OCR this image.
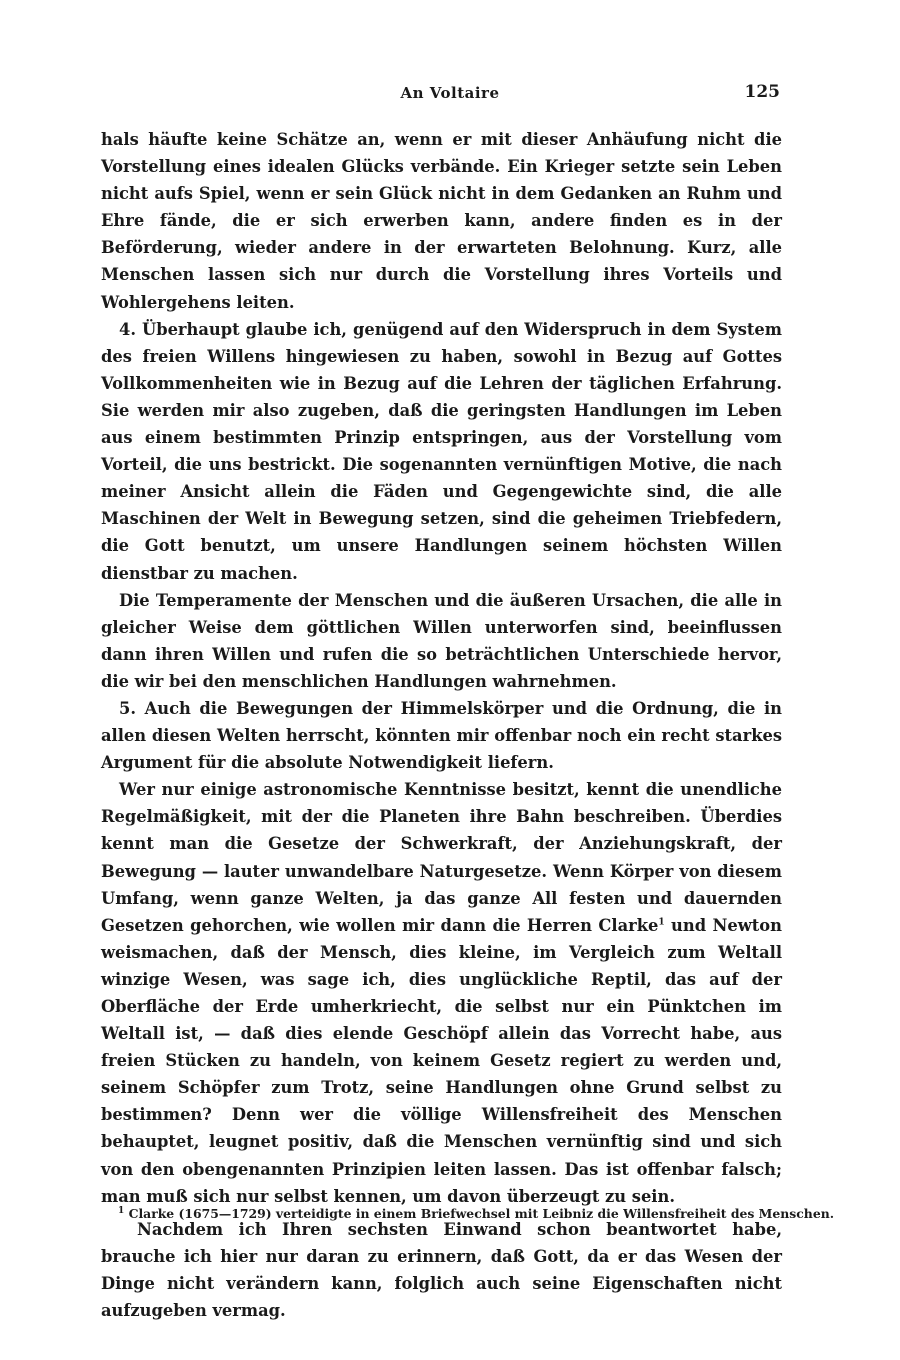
An Voltaire	125

hals häufte keine Schätze an, wenn er mit dieser Anhäufung nicht die Vorstellung eines idealen Glücks verbände. Ein Krieger setzte sein Leben nicht aufs Spiel, wenn er sein Glück nicht in dem Gedanken an Ruhm und Ehre fände, die er sich erwerben kann, andere finden es in der Beförderung, wieder andere in der erwarteten Belohnung. Kurz, alle Menschen lassen sich nur durch die Vorstellung ihres Vorteils und Wohlergehens leiten.

4. Überhaupt glaube ich, genügend auf den Widerspruch in dem System des freien Willens hingewiesen zu haben, sowohl in Bezug auf Gottes Vollkommenheiten wie in Bezug auf die Lehren der täglichen Erfahrung. Sie werden mir also zugeben, daß die geringsten Handlungen im Leben aus einem bestimmten Prinzip entspringen, aus der Vorstellung vom Vorteil, die uns bestrickt. Die sogenannten vernünftigen Motive, die nach meiner Ansicht allein die Fäden und Gegengewichte sind, die alle Maschinen der Welt in Bewegung setzen, sind die geheimen Triebfedern, die Gott benutzt, um unsere Handlungen seinem höchsten Willen dienstbar zu machen.

Die Temperamente der Menschen und die äußeren Ursachen, die alle in gleicher Weise dem göttlichen Willen unterworfen sind, beeinflussen dann ihren Willen und rufen die so beträchtlichen Unterschiede hervor, die wir bei den menschlichen Handlungen wahrnehmen.

5. Auch die Bewegungen der Himmelskörper und die Ordnung, die in allen diesen Welten herrscht, könnten mir offenbar noch ein recht starkes Argument für die absolute Notwendigkeit liefern.

Wer nur einige astronomische Kenntnisse besitzt, kennt die unendliche Regelmäßigkeit, mit der die Planeten ihre Bahn beschreiben. Überdies kennt man die Gesetze der Schwerkraft, der Anziehungskraft, der Bewegung — lauter unwandelbare Naturgesetze. Wenn Körper von diesem Umfang, wenn ganze Welten, ja das ganze All festen und dauernden Gesetzen gehorchen, wie wollen mir dann die Herren Clarke$^1$ und Newton weismachen, daß der Mensch, dies kleine, im Vergleich zum Weltall winzige Wesen, was sage ich, dies unglückliche Reptil, das auf der Oberfläche der Erde umherkriecht, die selbst nur ein Pünktchen im Weltall ist, — daß dies elende Geschöpf allein das Vorrecht habe, aus freien Stücken zu handeln, von keinem Gesetz regiert zu werden und, seinem Schöpfer zum Trotz, seine Handlungen ohne Grund selbst zu bestimmen? Denn wer die völlige Willensfreiheit des Menschen behauptet, leugnet positiv, daß die Menschen vernünftig sind und sich von den obengenannten Prinzipien leiten lassen. Das ist offenbar falsch; man muß sich nur selbst kennen, um davon überzeugt zu sein.

Nachdem ich Ihren sechsten Einwand schon beantwortet habe, brauche ich hier nur daran zu erinnern, daß Gott, da er das Wesen der Dinge nicht verändern kann, folglich auch seine Eigenschaften nicht aufzugeben vermag.

$^1$ Clarke (1675—1729) verteidigte in einem Briefwechsel mit Leibniz die Willensfreiheit des Menschen.
